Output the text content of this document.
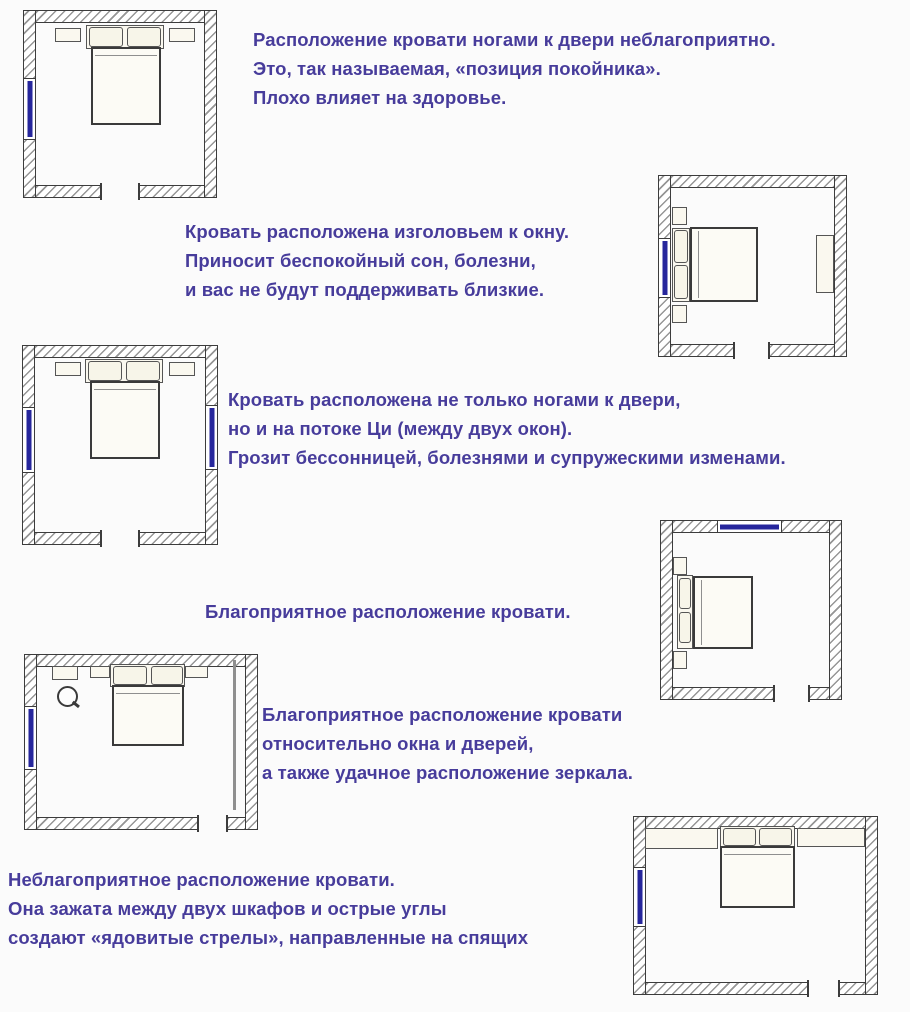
Расположение кровати ногами к двери неблагоприятно.
Это, так называемая, «позиция покойника».
Плохо влияет на здоровье.
Кровать расположена изголовьем к окну.
Приносит беспокойный сон, болезни,
и вас не будут поддерживать близкие.
Кровать расположена не только ногами к двери,
но и на потоке Ци (между двух окон).
Грозит бессонницей, болезнями и супружескими изменами.
Благоприятное расположение кровати.
Благоприятное расположение кровати
относительно окна и дверей,
а также удачное расположение зеркала.
Неблагоприятное расположение кровати.
Она зажата между двух шкафов и острые углы
создают «ядовитые стрелы», направленные на спящих
